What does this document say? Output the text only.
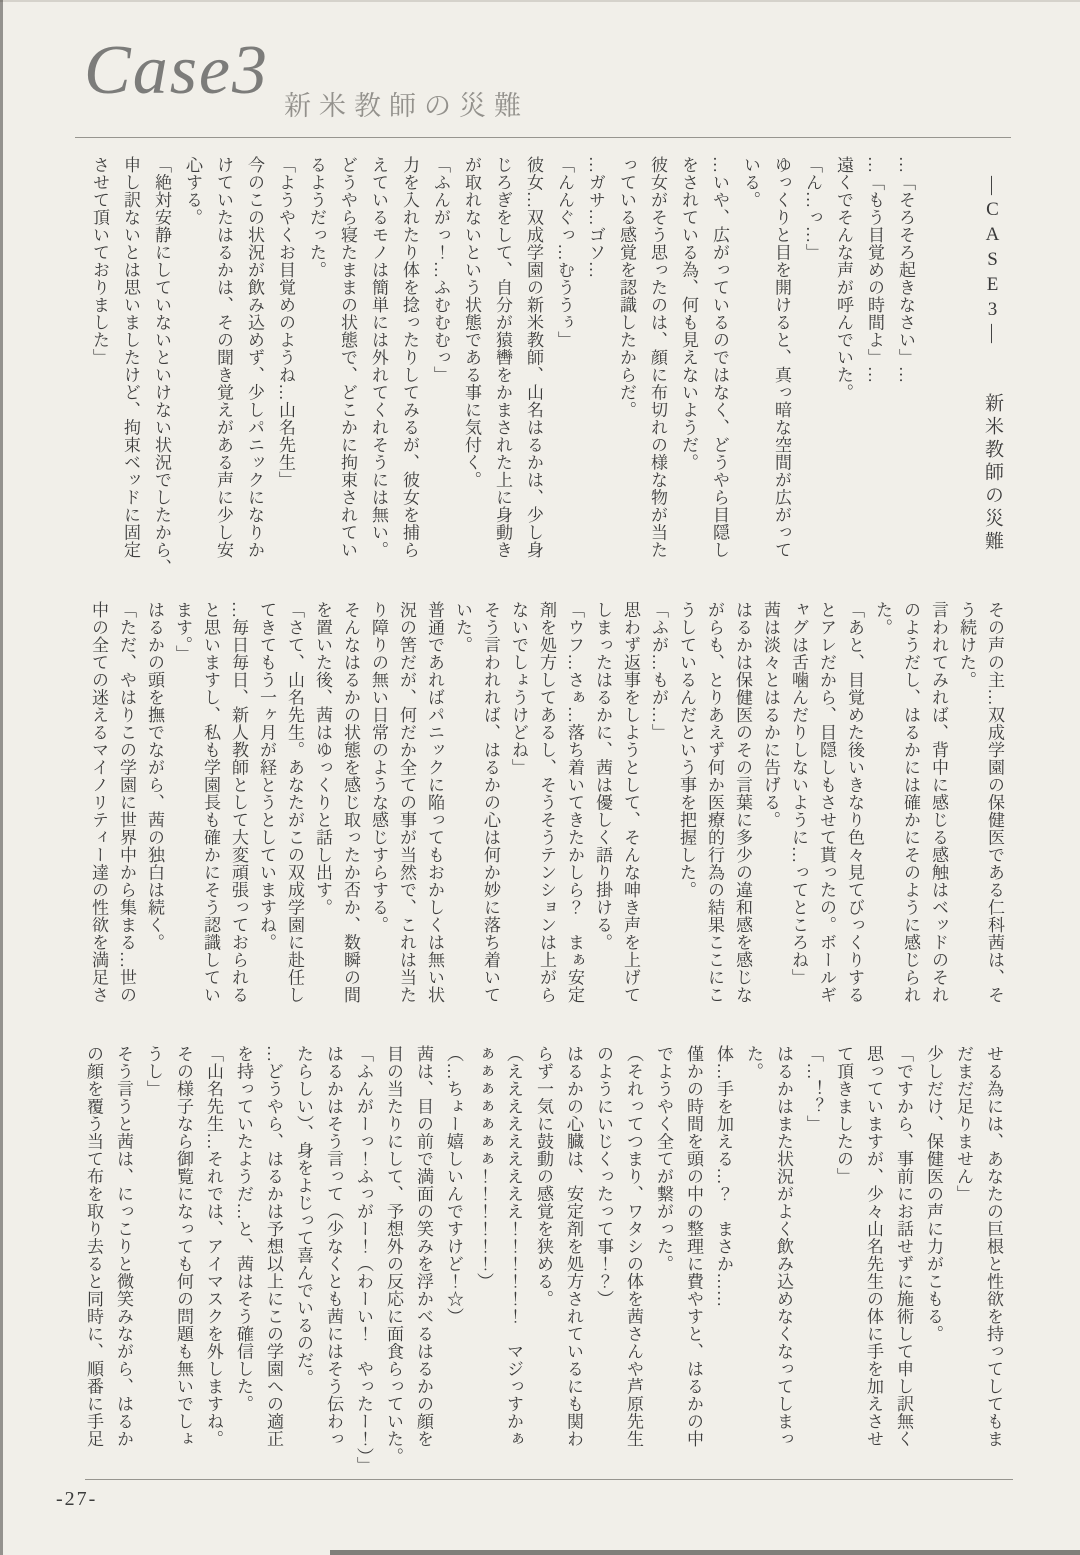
Case3 新米教師の災難
―CASE3―　　新米教師の災難
…「そろそろ起きなさい」…
…「もう目覚めの時間よ」…
遠くでそんな声が呼んでいた。
「ん…っ…」
ゆっくりと目を開けると、真っ暗な空間が広がって
いる。
…いや、広がっているのではなく、どうやら目隠し
をされている為、何も見えないようだ。
彼女がそう思ったのは、顔に布切れの様な物が当た
っている感覚を認識したからだ。
…ガサ…ゴソ…
「んんぐっ…むううぅ」
彼女…双成学園の新米教師、山名はるかは、少し身
じろぎをして、自分が猿轡をかまされた上に身動き
が取れないという状態である事に気付く。
「ふんがっ！…ふむむむっ」
力を入れたり体を捻ったりしてみるが、彼女を捕ら
えているモノは簡単には外れてくれそうには無い。
どうやら寝たままの状態で、どこかに拘束されてい
るようだった。
「ようやくお目覚めのようね…山名先生」
今のこの状況が飲み込めず、少しパニックになりか
けていたはるかは、その聞き覚えがある声に少し安
心する。
「絶対安静にしていないといけない状況でしたから、
申し訳ないとは思いましたけど、拘束ベッドに固定
させて頂いておりました」
その声の主…双成学園の保健医である仁科茜は、そ
う続けた。
言われてみれば、背中に感じる感触はベッドのそれ
のようだし、はるかには確かにそのように感じられ
た。
「あと、目覚めた後いきなり色々見てびっくりする
とアレだから、目隠しもさせて貰ったの。ボールギ
ャグは舌噛んだりしないように…ってところね」
茜は淡々とはるかに告げる。
はるかは保健医のその言葉に多少の違和感を感じな
がらも、とりあえず何か医療的行為の結果ここにこ
うしているんだという事を把握した。
「ふが…もが…」
思わず返事をしようとして、そんな呻き声を上げて
しまったはるかに、茜は優しく語り掛ける。
「ウフ…さぁ…落ち着いてきたかしら？　まぁ安定
剤を処方してあるし、そうそうテンションは上がら
ないでしょうけどね」
そう言われれば、はるかの心は何か妙に落ち着いて
いた。
普通であればパニックに陥ってもおかしくは無い状
況の筈だが、何だか全ての事が当然で、これは当た
り障りの無い日常のような感じすらする。
そんなはるかの状態を感じ取ったか否か、数瞬の間
を置いた後、茜はゆっくりと話し出す。
「さて、山名先生。あなたがこの双成学園に赴任し
てきてもう一ヶ月が経とうとしていますね。
…毎日毎日、新人教師として大変頑張っておられる
と思いますし、私も学園長も確かにそう認識してい
ます。」
はるかの頭を撫でながら、茜の独白は続く。
「ただ、やはりこの学園に世界中から集まる…世の
中の全ての迷えるマイノリティー達の性欲を満足さ
せる為には、あなたの巨根と性欲を持ってしてもま
だまだ足りません」
少しだけ、保健医の声に力がこもる。
「ですから、事前にお話せずに施術して申し訳無く
思っていますが、少々山名先生の体に手を加えさせ
て頂きましたの」
「…！？」
はるかはまた状況がよく飲み込めなくなってしまっ
た。
体…手を加える…？　まさか……
僅かの時間を頭の中の整理に費やすと、はるかの中
でようやく全てが繋がった。
（それってつまり、ワタシの体を茜さんや芦原先生
のようにいじくったって事！？）
はるかの心臓は、安定剤を処方されているにも関わ
らず一気に鼓動の感覚を狭める。
（えええええええええ！！！！！！　マジっすかぁ
ぁぁぁぁぁぁぁ！！！！！！）
（…ちょー嬉しいんですけど！☆）
茜は、目の前で満面の笑みを浮かべるはるかの顔を
目の当たりにして、予想外の反応に面食らっていた。
「ふんがーっ！ふっがー！（わーい！　やったー！）」
はるかはそう言って（少なくとも茜にはそう伝わっ
たらしい）、身をよじって喜んでいるのだ。
…どうやら、はるかは予想以上にこの学園への適正
を持っていたようだ…と、茜はそう確信した。
「山名先生…それでは、アイマスクを外しますね。
その様子なら御覧になっても何の問題も無いでしょ
うし」
そう言うと茜は、にっこりと微笑みながら、はるか
の顔を覆う当て布を取り去ると同時に、順番に手足
-27-
